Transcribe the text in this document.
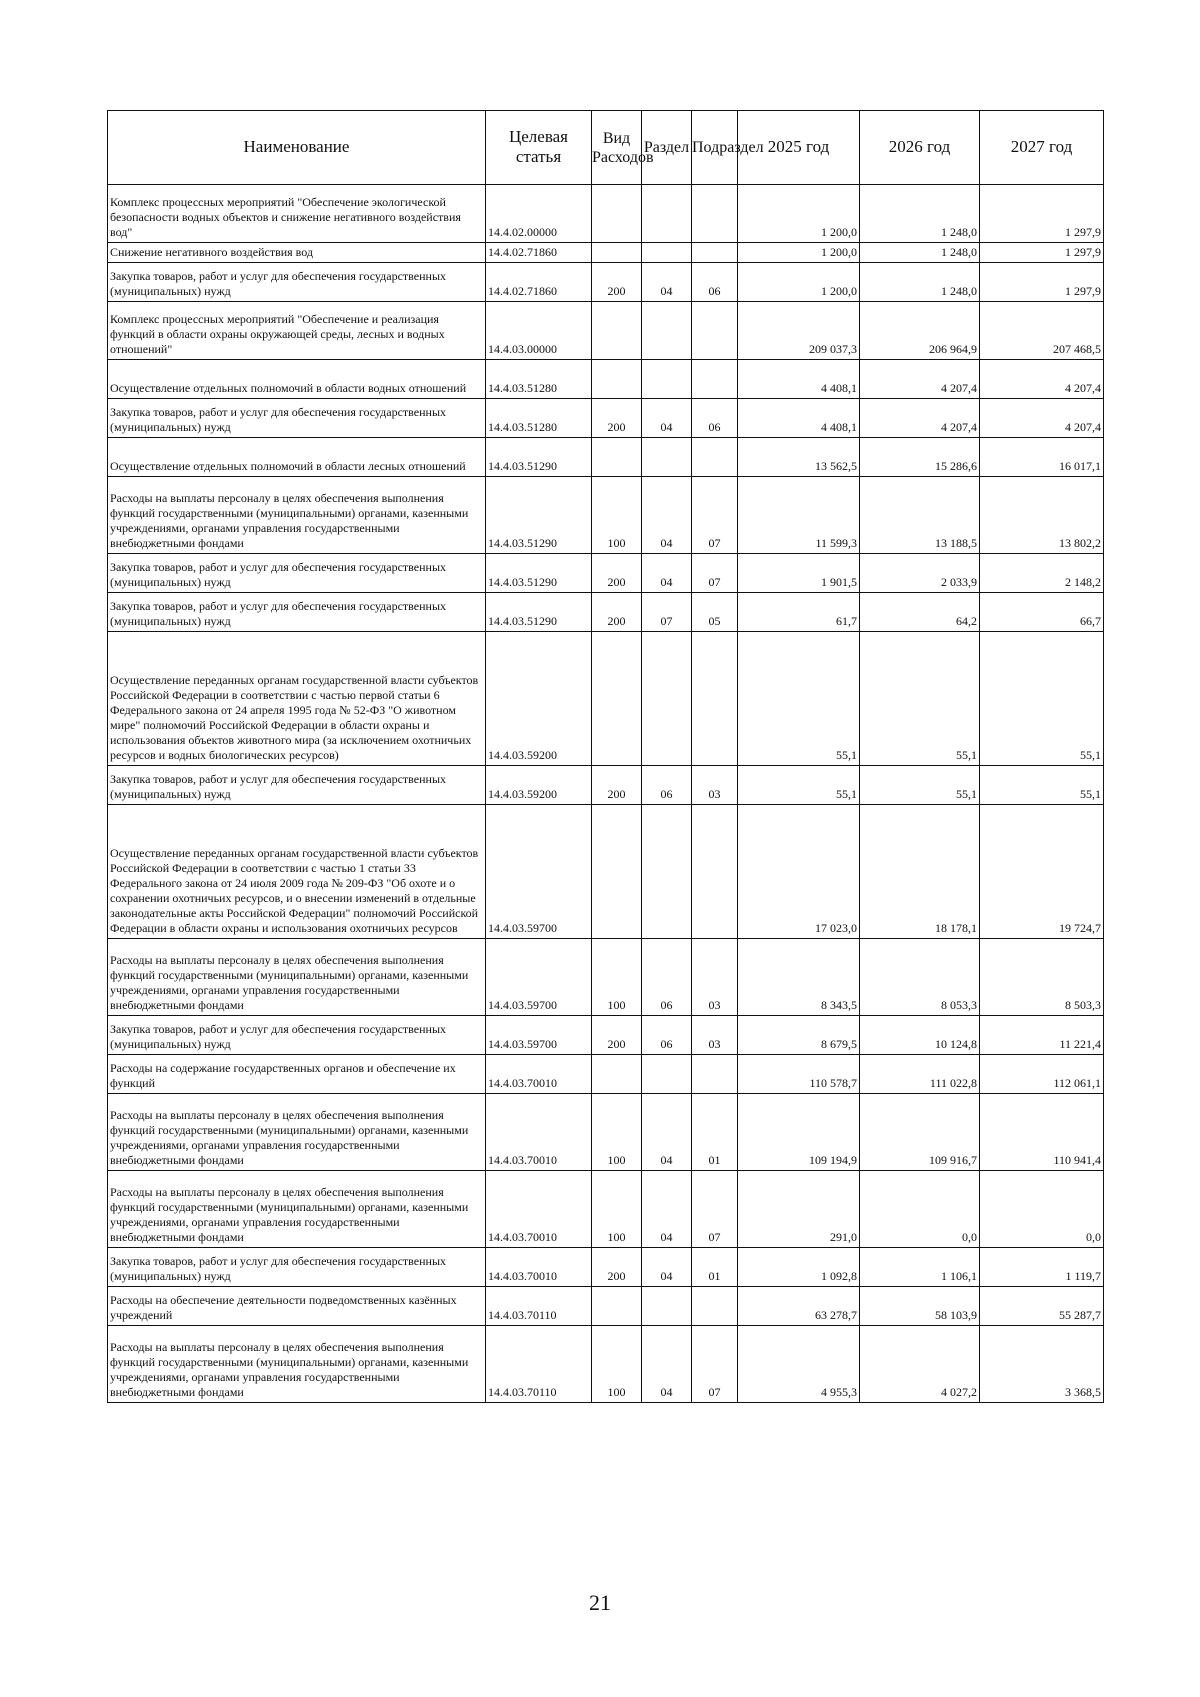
Наименование	Целевая статья	Вид Расходов	Раздел	Подраздел	2025 год	2026 год	2027 год
Комплекс процессных мероприятий "Обеспечение экологической безопасности водных объектов и снижение негативного воздействия вод"	14.4.02.00000				1 200,0	1 248,0	1 297,9
Снижение негативного воздействия вод	14.4.02.71860				1 200,0	1 248,0	1 297,9
Закупка товаров, работ и услуг для обеспечения государственных (муниципальных) нужд	14.4.02.71860	200	04	06	1 200,0	1 248,0	1 297,9
Комплекс процессных мероприятий "Обеспечение и реализация функций в области охраны окружающей среды, лесных и водных отношений"	14.4.03.00000				209 037,3	206 964,9	207 468,5
Осуществление отдельных полномочий в области водных отношений	14.4.03.51280				4 408,1	4 207,4	4 207,4
Закупка товаров, работ и услуг для обеспечения государственных (муниципальных) нужд	14.4.03.51280	200	04	06	4 408,1	4 207,4	4 207,4
Осуществление отдельных полномочий в области лесных отношений	14.4.03.51290				13 562,5	15 286,6	16 017,1
Расходы на выплаты персоналу в целях обеспечения выполнения функций государственными (муниципальными) органами, казенными учреждениями, органами управления государственными внебюджетными фондами	14.4.03.51290	100	04	07	11 599,3	13 188,5	13 802,2
Закупка товаров, работ и услуг для обеспечения государственных (муниципальных) нужд	14.4.03.51290	200	04	07	1 901,5	2 033,9	2 148,2
Закупка товаров, работ и услуг для обеспечения государственных (муниципальных) нужд	14.4.03.51290	200	07	05	61,7	64,2	66,7
Осуществление переданных органам государственной власти субъектов Российской Федерации в соответствии с частью первой статьи 6 Федерального закона от 24 апреля 1995 года № 52-ФЗ "О животном мире" полномочий Российской Федерации в области охраны и использования объектов животного мира (за исключением охотничьих ресурсов и водных биологических ресурсов)	14.4.03.59200				55,1	55,1	55,1
Закупка товаров, работ и услуг для обеспечения государственных (муниципальных) нужд	14.4.03.59200	200	06	03	55,1	55,1	55,1
Осуществление переданных органам государственной власти субъектов Российской Федерации в соответствии с частью 1 статьи 33 Федерального закона от 24 июля 2009 года № 209-ФЗ "Об охоте и о сохранении охотничьих ресурсов, и о внесении изменений в отдельные законодательные акты Российской Федерации" полномочий Российской Федерации в области охраны и использования охотничьих ресурсов	14.4.03.59700				17 023,0	18 178,1	19 724,7
Расходы на выплаты персоналу в целях обеспечения выполнения функций государственными (муниципальными) органами, казенными учреждениями, органами управления государственными внебюджетными фондами	14.4.03.59700	100	06	03	8 343,5	8 053,3	8 503,3
Закупка товаров, работ и услуг для обеспечения государственных (муниципальных) нужд	14.4.03.59700	200	06	03	8 679,5	10 124,8	11 221,4
Расходы на содержание государственных органов и обеспечение их функций	14.4.03.70010				110 578,7	111 022,8	112 061,1
Расходы на выплаты персоналу в целях обеспечения выполнения функций государственными (муниципальными) органами, казенными учреждениями, органами управления государственными внебюджетными фондами	14.4.03.70010	100	04	01	109 194,9	109 916,7	110 941,4
Расходы на выплаты персоналу в целях обеспечения выполнения функций государственными (муниципальными) органами, казенными учреждениями, органами управления государственными внебюджетными фондами	14.4.03.70010	100	04	07	291,0	0,0	0,0
Закупка товаров, работ и услуг для обеспечения государственных (муниципальных) нужд	14.4.03.70010	200	04	01	1 092,8	1 106,1	1 119,7
Расходы на обеспечение деятельности подведомственных казённых учреждений	14.4.03.70110				63 278,7	58 103,9	55 287,7
Расходы на выплаты персоналу в целях обеспечения выполнения функций государственными (муниципальными) органами, казенными учреждениями, органами управления государственными внебюджетными фондами	14.4.03.70110	100	04	07	4 955,3	4 027,2	3 368,5
21
